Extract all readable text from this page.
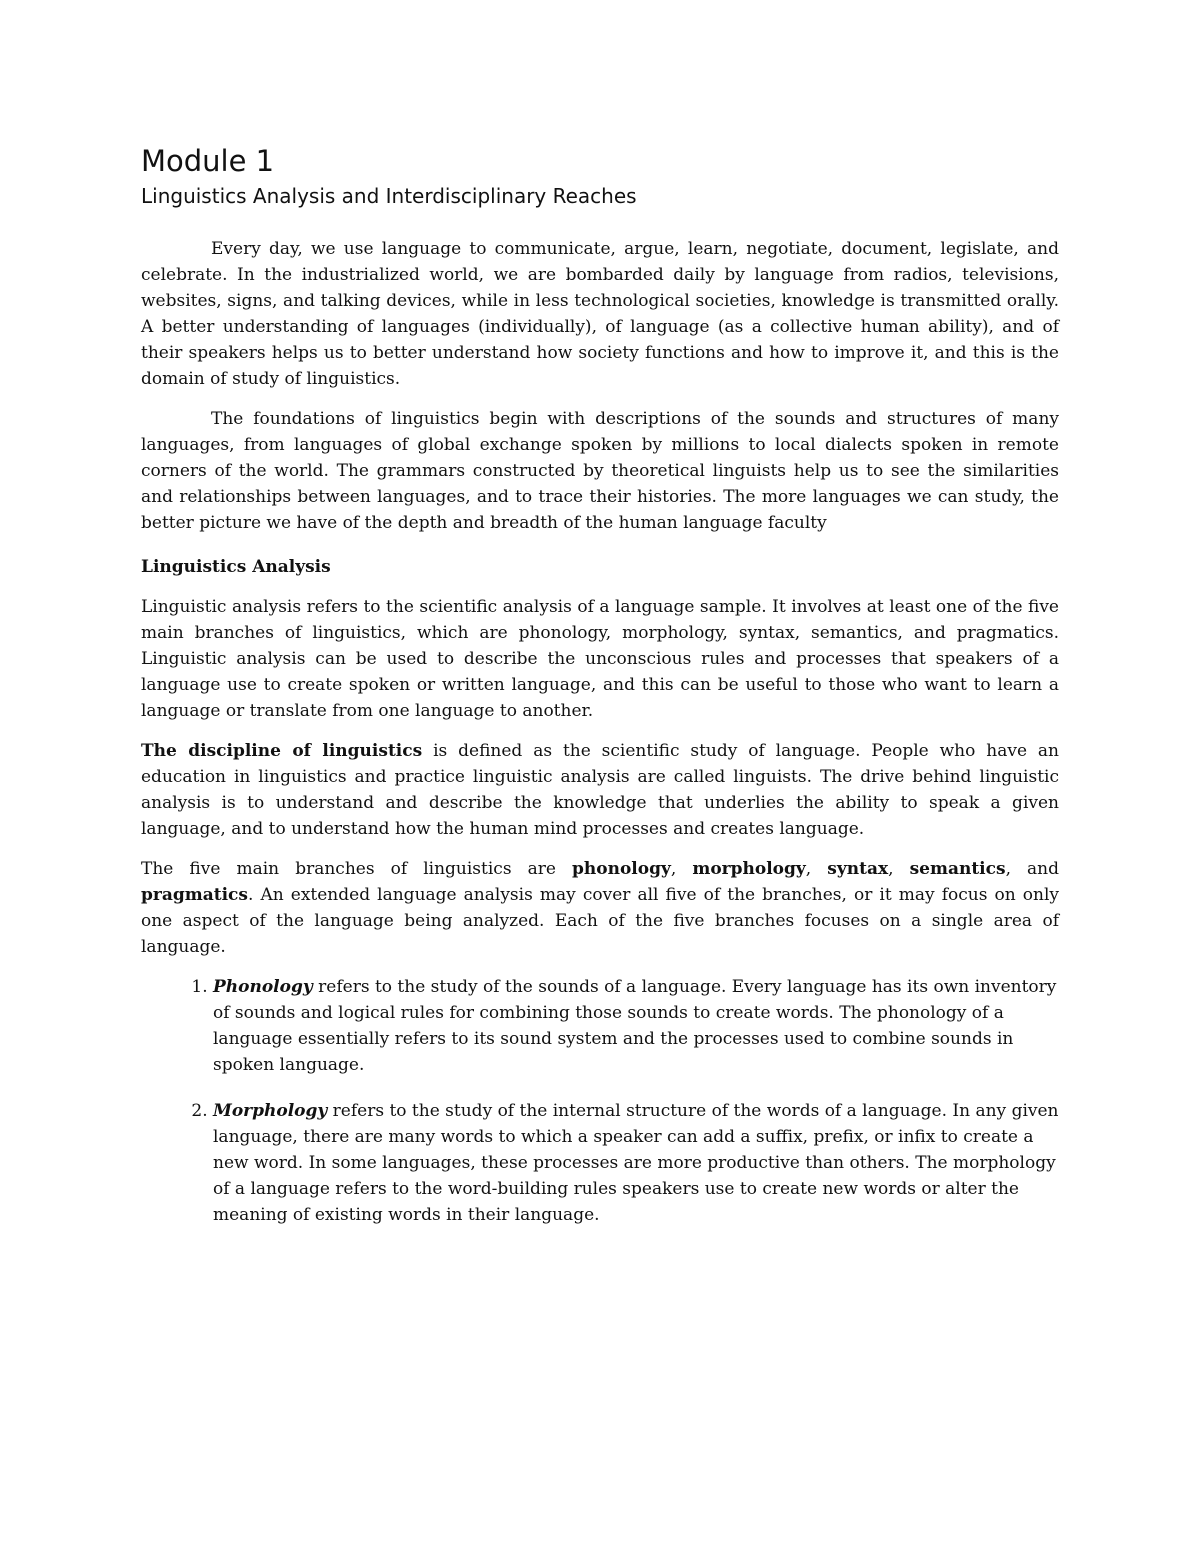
Module 1
Linguistics Analysis and Interdisciplinary Reaches

Every day, we use language to communicate, argue, learn, negotiate, document, legislate, and celebrate. In the industrialized world, we are bombarded daily by language from radios, televisions, websites, signs, and talking devices, while in less technological societies, knowledge is transmitted orally. A better understanding of languages (individually), of language (as a collective human ability), and of their speakers helps us to better understand how society functions and how to improve it, and this is the domain of study of linguistics.

The foundations of linguistics begin with descriptions of the sounds and structures of many languages, from languages of global exchange spoken by millions to local dialects spoken in remote corners of the world. The grammars constructed by theoretical linguists help us to see the similarities and relationships between languages, and to trace their histories. The more languages we can study, the better picture we have of the depth and breadth of the human language faculty

Linguistics Analysis

Linguistic analysis refers to the scientific analysis of a language sample. It involves at least one of the five main branches of linguistics, which are phonology, morphology, syntax, semantics, and pragmatics. Linguistic analysis can be used to describe the unconscious rules and processes that speakers of a language use to create spoken or written language, and this can be useful to those who want to learn a language or translate from one language to another.

The discipline of linguistics is defined as the scientific study of language. People who have an education in linguistics and practice linguistic analysis are called linguists. The drive behind linguistic analysis is to understand and describe the knowledge that underlies the ability to speak a given language, and to understand how the human mind processes and creates language.

The five main branches of linguistics are phonology, morphology, syntax, semantics, and pragmatics. An extended language analysis may cover all five of the branches, or it may focus on only one aspect of the language being analyzed. Each of the five branches focuses on a single area of language.

1. Phonology refers to the study of the sounds of a language. Every language has its own inventory of sounds and logical rules for combining those sounds to create words. The phonology of a language essentially refers to its sound system and the processes used to combine sounds in spoken language.
2. Morphology refers to the study of the internal structure of the words of a language. In any given language, there are many words to which a speaker can add a suffix, prefix, or infix to create a new word. In some languages, these processes are more productive than others. The morphology of a language refers to the word-building rules speakers use to create new words or alter the meaning of existing words in their language.
